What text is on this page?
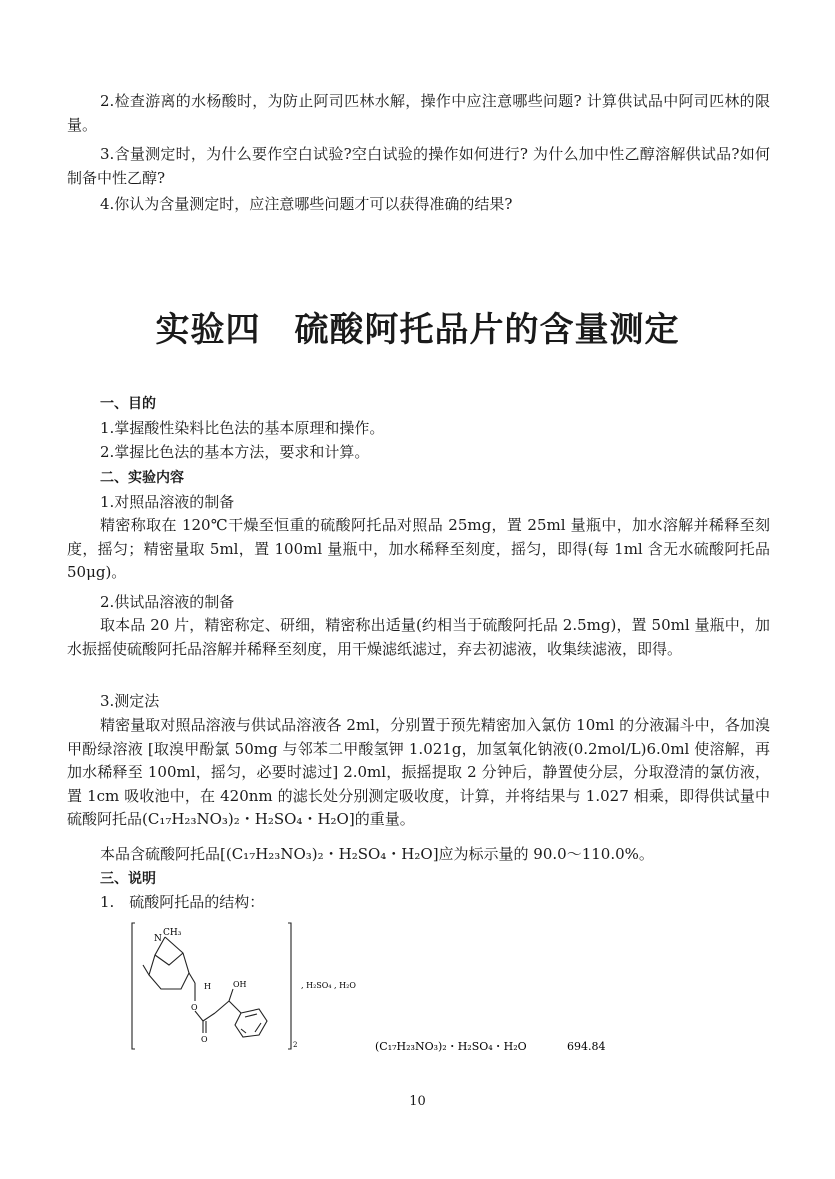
2.检查游离的水杨酸时，为防止阿司匹林水解，操作中应注意哪些问题? 计算供试品中阿司匹林的限量。

3.含量测定时，为什么要作空白试验?空白试验的操作如何进行? 为什么加中性乙醇溶解供试品?如何制备中性乙醇?

4.你认为含量测定时，应注意哪些问题才可以获得准确的结果?

实验四 硫酸阿托品片的含量测定
一、目的
1.掌握酸性染料比色法的基本原理和操作。
2.掌握比色法的基本方法，要求和计算。
二、实验内容
1.对照品溶液的制备

精密称取在 120℃干燥至恒重的硫酸阿托品对照品 25mg，置 25ml 量瓶中，加水溶解并稀释至刻度，摇匀；精密量取 5ml，置 100ml 量瓶中，加水稀释至刻度，摇匀，即得(每 1ml 含无水硫酸阿托品 50μg)。

2.供试品溶液的制备

取本品 20 片，精密称定、研细，精密称出适量(约相当于硫酸阿托品 2.5mg)，置 50ml 量瓶中，加水振摇使硫酸阿托品溶解并稀释至刻度，用干燥滤纸滤过，弃去初滤液，收集续滤液，即得。

3.测定法

精密量取对照品溶液与供试品溶液各 2ml，分别置于预先精密加入氯仿 10ml 的分液漏斗中，各加溴甲酚绿溶液 [取溴甲酚氯 50mg 与邻苯二甲酸氢钾 1.021g，加氢氧化钠液(0.2mol/L)6.0ml 使溶解，再加水稀释至 100ml，摇匀，必要时滤过] 2.0ml，振摇提取 2 分钟后，静置使分层，分取澄清的氯仿液，置 1cm 吸收池中，在 420nm 的滤长处分别测定吸收度，计算，并将结果与 1.027 相乘，即得供试量中硫酸阿托品(C₁₇H₂₃NO₃)₂・H₂SO₄・H₂O]的重量。

本品含硫酸阿托品[(C₁₇H₂₃NO₃)₂・H₂SO₄・H₂O]应为标示量的 90.0～110.0%。

三、说明
1.　硫酸阿托品的结构：
CH₃
N
H	OH
O
O
, H₂SO₄ , H₂O
2	(C₁₇H₂₃NO₃)₂・H₂SO₄・H₂O	694.84
10
